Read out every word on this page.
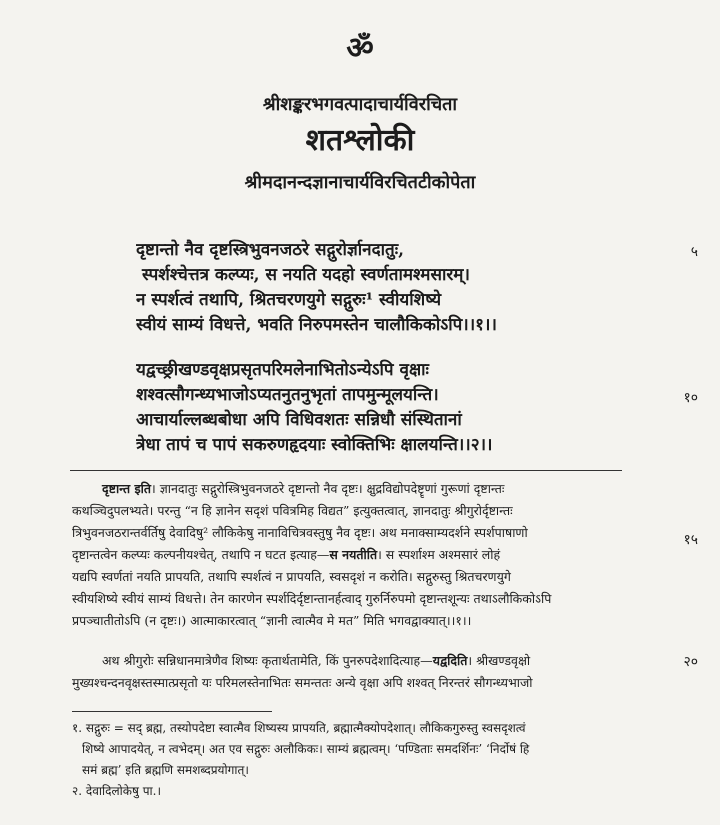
ॐ

श्रीशङ्करभगवत्पादाचार्यविरचिता

शतश्लोकी

श्रीमदानन्दज्ञानाचार्यविरचितटीकोपेता

दृष्टान्तो नैव दृष्टस्त्रिभुवनजठरे सद्गुरोर्ज्ञानदातुः,
स्पर्शश्चेत्तत्र कल्प्यः, स नयति यदहो स्वर्णतामश्मसारम्।
न स्पर्शत्वं तथापि, श्रितचरणयुगे सद्गुरुः¹ स्वीयशिष्ये
स्वीयं साम्यं विधत्ते, भवति निरुपमस्तेन चालौकिकोऽपि।।१।।
यद्वच्छ्रीखण्डवृक्षप्रसृतपरिमलेनाभितोऽन्येऽपि वृक्षाः
शश्वत्सौगन्ध्यभाजोऽप्यतनुतनुभृतां तापमुन्मूलयन्ति।
आचार्याल्लब्धबोधा अपि विधिवशतः सन्निधौ संस्थितानां
त्रेधा तापं च पापं सकरुणहृदयाः स्वोक्तिभिः क्षालयन्ति।।२।।
५
१०
१५
२०
दृष्टान्त इति। ज्ञानदातुः सद्गुरोस्त्रिभुवनजठरे दृष्टान्तो नैव दृष्टः। क्षुद्रविद्योपदेष्टॄणां गुरूणां दृष्टान्तः
कथञ्चिदुपलभ्यते। परन्तु “न हि ज्ञानेन सदृशं पवित्रमिह विद्यत” इत्युक्तत्वात्, ज्ञानदातुः श्रीगुरोर्दृष्टान्तः
त्रिभुवनजठरान्तर्वर्तिषु देवादिषु² लौकिकेषु नानाविचित्रवस्तुषु नैव दृष्टः। अथ मनाक्साम्यदर्शने स्पर्शपाषाणो
दृष्टान्तत्वेन कल्प्यः कल्पनीयश्चेत्, तथापि न घटत इत्याह—स नयतीति। स स्पर्शाश्म अश्मसारं लोहं
यद्यपि स्वर्णतां नयति प्रापयति, तथापि स्पर्शत्वं न प्रापयति, स्वसदृशं न करोति। सद्गुरुस्तु श्रितचरणयुगे
स्वीयशिष्ये स्वीयं साम्यं विधत्ते। तेन कारणेन स्पर्शदिर्दृष्टान्तानर्हत्वाद् गुरुर्निरुपमो दृष्टान्तशून्यः तथाऽलौकिकोऽपि
प्रपञ्चातीतोऽपि (न दृष्टः।) आत्माकारत्वात् “ज्ञानी त्वात्मैव मे मत” मिति भगवद्वाक्यात्।।१।।
अथ श्रीगुरोः सन्निधानमात्रेणैव शिष्यः कृतार्थतामेति, किं पुनरुपदेशादित्याह—यद्वदिति। श्रीखण्डवृक्षो
मुख्यश्चन्दनवृक्षस्तस्मात्प्रसृतो यः परिमलस्तेनाभितः समन्ततः अन्ये वृक्षा अपि शश्वत् निरन्तरं सौगन्ध्यभाजो
१. सद्गुरुः = सद् ब्रह्म, तस्योपदेष्टा स्वात्मैव शिष्यस्य प्रापयति, ब्रह्मात्मैक्योपदेशात्। लौकिकगुरुस्तु स्वसदृशत्वं
शिष्ये आपादयेत्, न त्वभेदम्। अत एव सद्गुरुः अलौकिकः। साम्यं ब्रह्मत्वम्। ‘पण्डिताः समदर्शिनः’ ‘निर्दोषं हि
समं ब्रह्म’ इति ब्रह्मणि समशब्दप्रयोगात्।
२. देवादिलोकेषु पा.।
